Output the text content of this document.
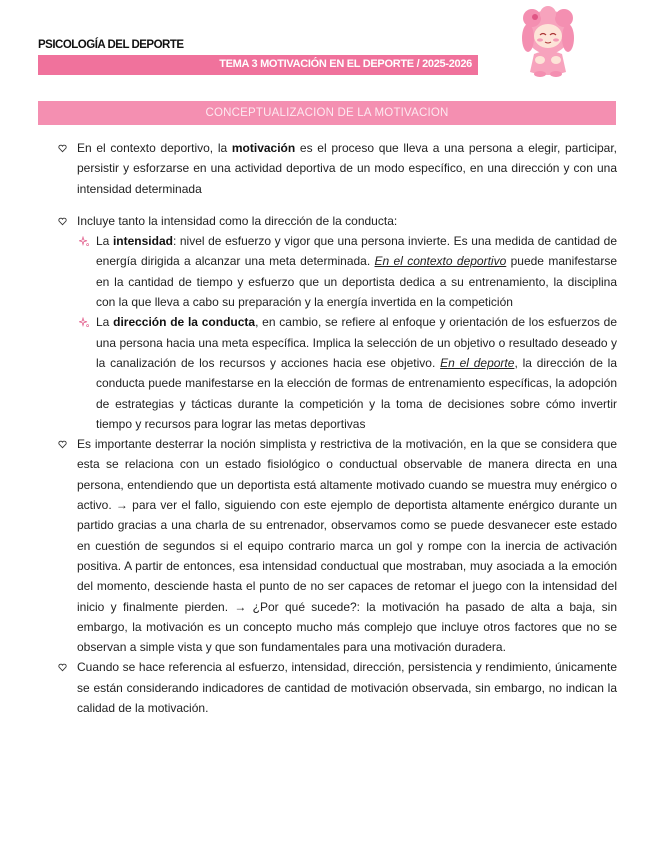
PSICOLOGÍA DEL DEPORTE
TEMA 3 MOTIVACIÓN EN EL DEPORTE / 2025-2026
CONCEPTUALIZACION DE LA MOTIVACION

En el contexto deportivo, la motivación es el proceso que lleva a una persona a elegir, participar, persistir y esforzarse en una actividad deportiva de un modo específico, en una dirección y con una intensidad determinada

Incluye tanto la intensidad como la dirección de la conducta:

La intensidad: nivel de esfuerzo y vigor que una persona invierte. Es una medida de cantidad de energía dirigida a alcanzar una meta determinada. En el contexto deportivo puede manifestarse en la cantidad de tiempo y esfuerzo que un deportista dedica a su entrenamiento, la disciplina con la que lleva a cabo su preparación y la energía invertida en la competición

La dirección de la conducta, en cambio, se refiere al enfoque y orientación de los esfuerzos de una persona hacia una meta específica. Implica la selección de un objetivo o resultado deseado y la canalización de los recursos y acciones hacia ese objetivo. En el deporte, la dirección de la conducta puede manifestarse en la elección de formas de entrenamiento específicas, la adopción de estrategias y tácticas durante la competición y la toma de decisiones sobre cómo invertir tiempo y recursos para lograr las metas deportivas

Es importante desterrar la noción simplista y restrictiva de la motivación, en la que se considera que esta se relaciona con un estado fisiológico o conductual observable de manera directa en una persona, entendiendo que un deportista está altamente motivado cuando se muestra muy enérgico o activo. → para ver el fallo, siguiendo con este ejemplo de deportista altamente enérgico durante un partido gracias a una charla de su entrenador, observamos como se puede desvanecer este estado en cuestión de segundos si el equipo contrario marca un gol y rompe con la inercia de activación positiva. A partir de entonces, esa intensidad conductual que mostraban, muy asociada a la emoción del momento, desciende hasta el punto de no ser capaces de retomar el juego con la intensidad del inicio y finalmente pierden. → ¿Por qué sucede?: la motivación ha pasado de alta a baja, sin embargo, la motivación es un concepto mucho más complejo que incluye otros factores que no se observan a simple vista y que son fundamentales para una motivación duradera.

Cuando se hace referencia al esfuerzo, intensidad, dirección, persistencia y rendimiento, únicamente se están considerando indicadores de cantidad de motivación observada, sin embargo, no indican la calidad de la motivación.
